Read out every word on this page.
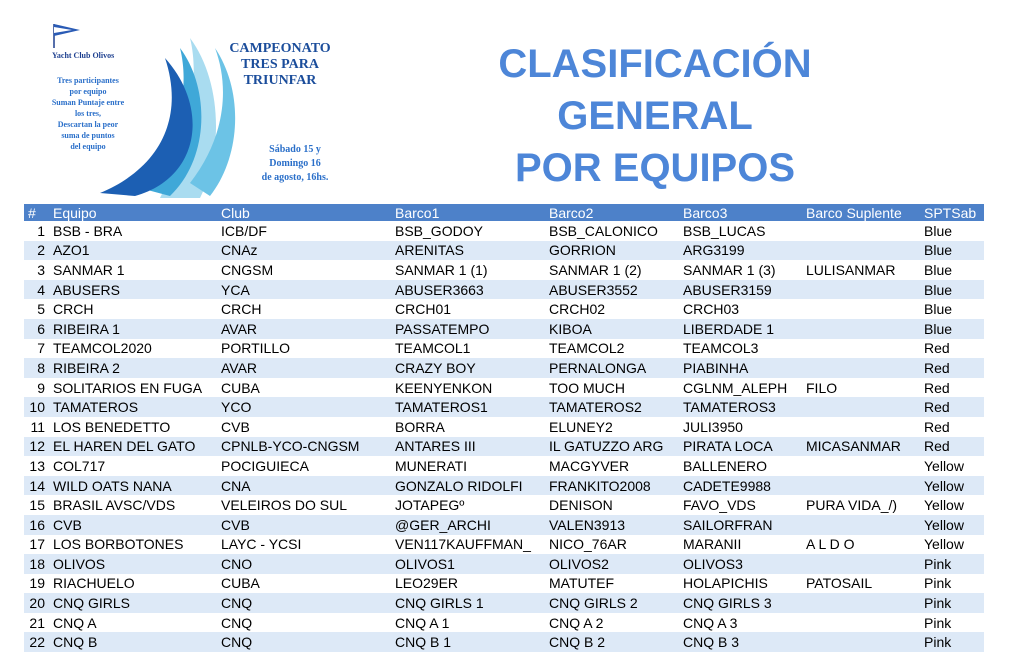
Yacht Club Olivos	CAMPEONATO
TRES PARA
TRIUNFAR
Tres participantes
por equipo
Suman Puntaje entre
los tres,
Descartan la peor
suma de puntos
del equipo	Sábado 15 y
Domingo 16
de agosto, 16hs.
CLASIFICACIÓN
GENERAL
POR EQUIPOS
#	Equipo	Club	Barco1	Barco2	Barco3	Barco Suplente	SPTSab
1	BSB - BRA	ICB/DF	BSB_GODOY	BSB_CALONICO	BSB_LUCAS		Blue
2	AZO1	CNAz	ARENITAS	GORRION	ARG3199		Blue
3	SANMAR 1	CNGSM	SANMAR 1 (1)	SANMAR 1 (2)	SANMAR 1 (3)	LULISANMAR	Blue
4	ABUSERS	YCA	ABUSER3663	ABUSER3552	ABUSER3159		Blue
5	CRCH	CRCH	CRCH01	CRCH02	CRCH03		Blue
6	RIBEIRA 1	AVAR	PASSATEMPO	KIBOA	LIBERDADE 1		Blue
7	TEAMCOL2020	PORTILLO	TEAMCOL1	TEAMCOL2	TEAMCOL3		Red
8	RIBEIRA 2	AVAR	CRAZY BOY	PERNALONGA	PIABINHA		Red
9	SOLITARIOS EN FUGA	CUBA	KEENYENKON	TOO MUCH	CGLNM_ALEPH	FILO	Red
10	TAMATEROS	YCO	TAMATEROS1	TAMATEROS2	TAMATEROS3		Red
11	LOS BENEDETTO	CVB	BORRA	ELUNEY2	JULI3950		Red
12	EL HAREN DEL GATO	CPNLB-YCO-CNGSM	ANTARES III	IL GATUZZO ARG	PIRATA LOCA	MICASANMAR	Red
13	COL717	POCIGUIECA	MUNERATI	MACGYVER	BALLENERO		Yellow
14	WILD OATS NANA	CNA	GONZALO RIDOLFI	FRANKITO2008	CADETE9988		Yellow
15	BRASIL AVSC/VDS	VELEIROS DO SUL	JOTAPEGº	DENISON	FAVO_VDS	PURA VIDA_/)	Yellow
16	CVB	CVB	@GER_ARCHI	VALEN3913	SAILORFRAN		Yellow
17	LOS BORBOTONES	LAYC - YCSI	VEN117KAUFFMAN_	NICO_76AR	MARANII	A L D O	Yellow
18	OLIVOS	CNO	OLIVOS1	OLIVOS2	OLIVOS3		Pink
19	RIACHUELO	CUBA	LEO29ER	MATUTEF	HOLAPICHIS	PATOSAIL	Pink
20	CNQ GIRLS	CNQ	CNQ GIRLS 1	CNQ GIRLS 2	CNQ GIRLS 3		Pink
21	CNQ A	CNQ	CNQ A 1	CNQ A 2	CNQ A 3		Pink
22	CNQ B	CNQ	CNQ B 1	CNQ B 2	CNQ B 3		Pink
